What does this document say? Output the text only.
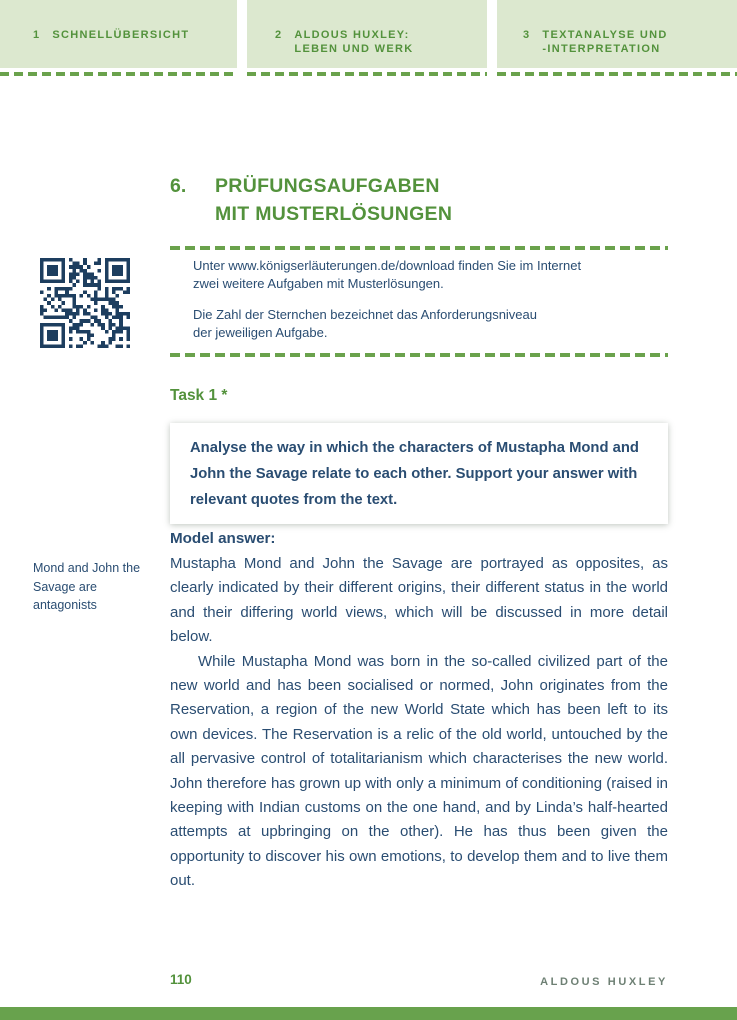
1 SCHNELLÜBERSICHT	2 ALDOUS HUXLEY:
LEBEN UND WERK
3 TEXTANALYSE UND
-INTERPRETATION
6.	PRÜFUNGSAUFGABEN
MIT MUSTERLÖSUNGEN

Unter www.königserläuterungen.de/download finden Sie im Internet
zwei weitere Aufgaben mit Musterlösungen.

Die Zahl der Sternchen bezeichnet das Anforderungsniveau
der jeweiligen Aufgabe.

Task 1 *

Analyse the way in which the characters of Mustapha Mond and John the Savage relate to each other. Support your answer with relevant quotes from the text.

Model answer:

Mustapha Mond and John the Savage are portrayed as opposites, as clearly indicated by their different origins, their different status in the world and their differing world views, which will be discussed in more detail below.

While Mustapha Mond was born in the so-called civilized part of the new world and has been socialised or normed, John originates from the Reservation, a region of the new World State which has been left to its own devices. The Reservation is a relic of the old world, untouched by the all pervasive control of totalitarianism which characterises the new world. John therefore has grown up with only a minimum of conditioning (raised in keeping with Indian customs on the one hand, and by Linda’s half-hearted attempts at upbringing on the other). He has thus been given the opportunity to discover his own emotions, to develop them and to live them out.

Mond and John the Savage are antagonists
110	ALDOUS HUXLEY
